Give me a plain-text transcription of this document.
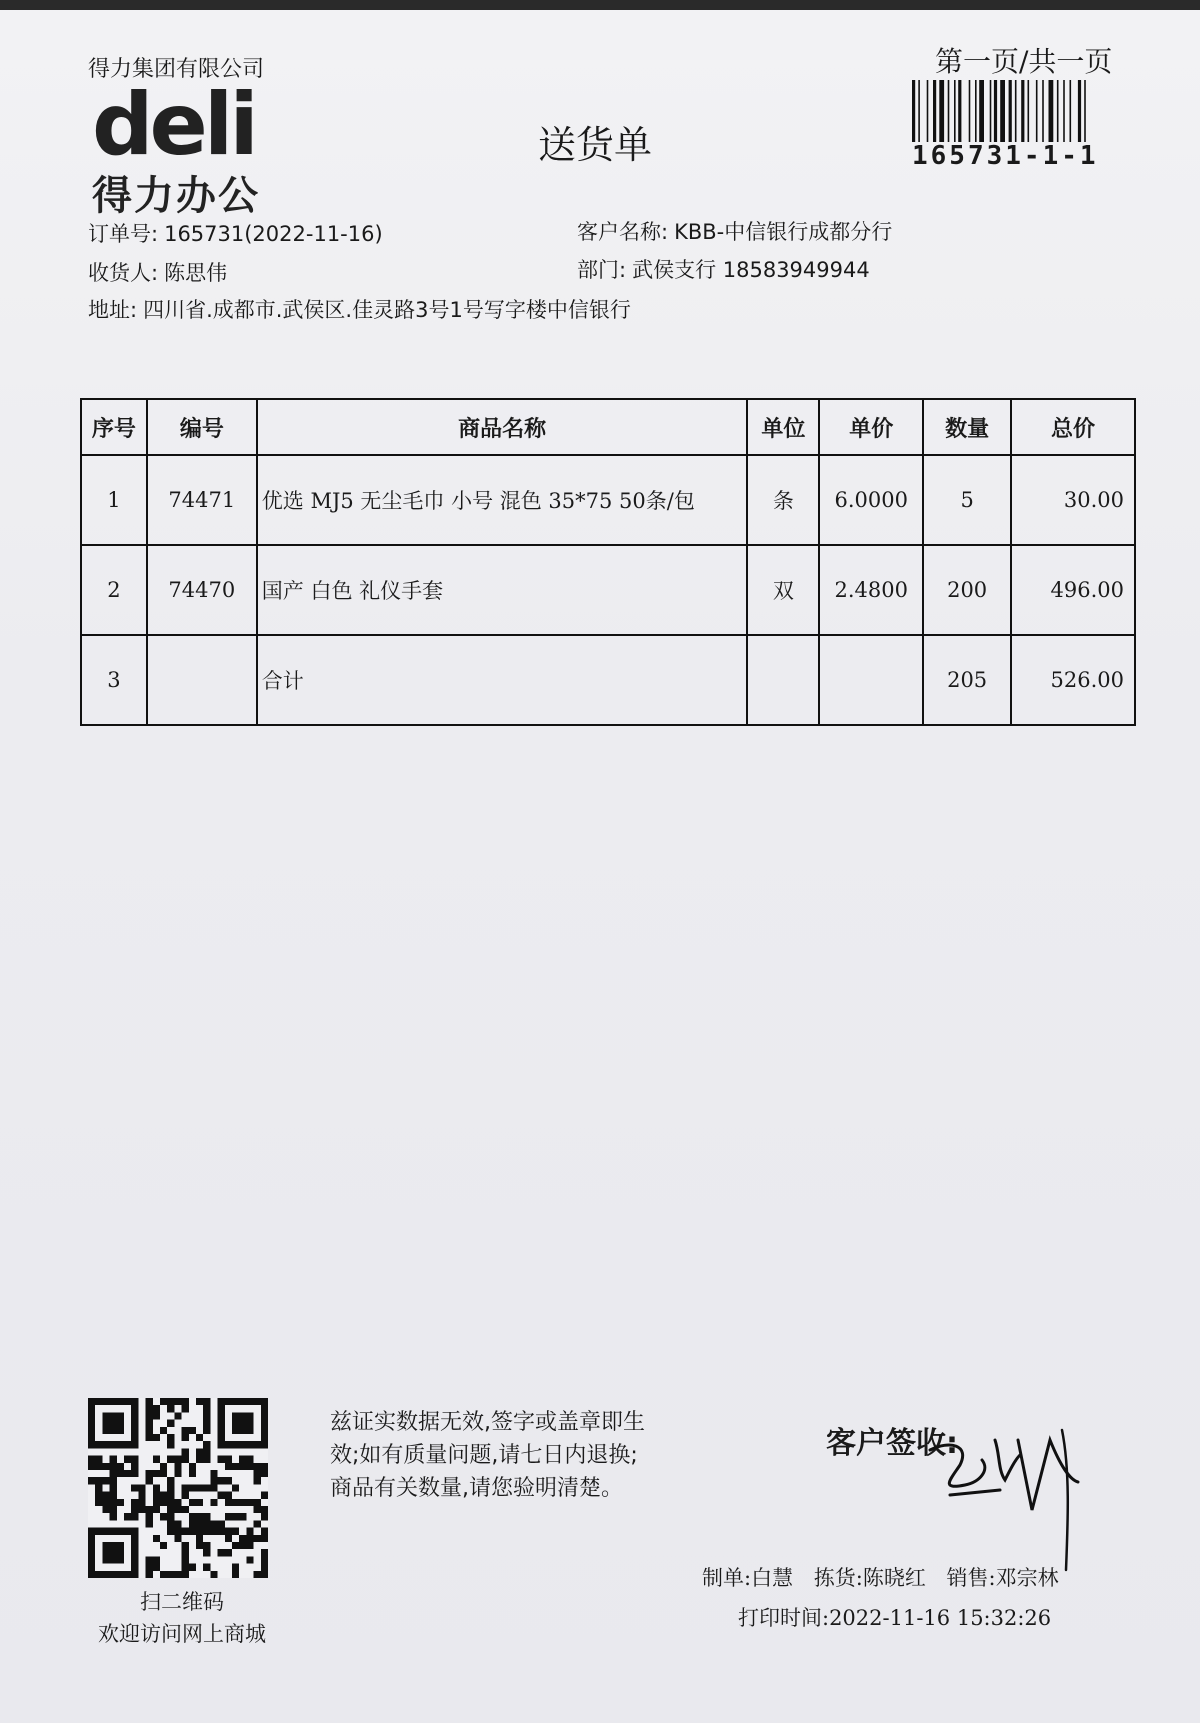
得力集团有限公司
deli
得力办公
送货单
第一页/共一页
165731-1-1
订单号: 165731(2022-11-16)	客户名称: KBB-中信银行成都分行
收货人: 陈思伟	部门: 武侯支行 18583949944
地址: 四川省.成都市.武侯区.佳灵路3号1号写字楼中信银行
序号	编号	商品名称	单位	单价	数量	总价
1	74471	优选 MJ5 无尘毛巾 小号 混色 35*75 50条/包	条	6.0000	5	30.00
2	74470	国产 白色 礼仪手套	双	2.4800	200	496.00
3		合计			205	526.00
扫二维码
欢迎访问网上商城
兹证实数据无效,签字或盖章即生
效;如有质量问题,请七日内退换;
商品有关数量,请您验明清楚。
客户签收:
制单:白慧 拣货:陈晓红 销售:邓宗林
打印时间:2022-11-16 15:32:26
